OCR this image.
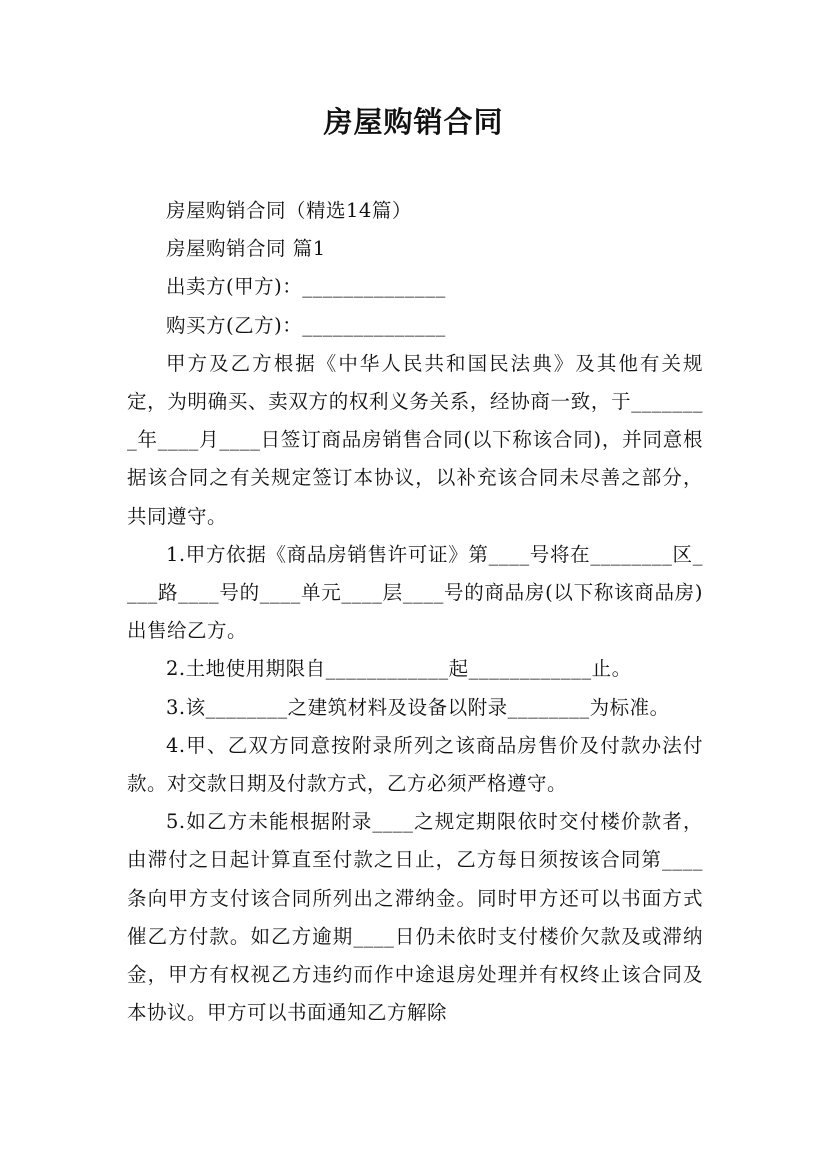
房屋购销合同

房屋购销合同（精选14篇）

房屋购销合同 篇1

出卖方(甲方)：______________

购买方(乙方)：______________

甲方及乙方根据《中华人民共和国民法典》及其他有关规定，为明确买、卖双方的权利义务关系，经协商一致，于________年____月____日签订商品房销售合同(以下称该合同)，并同意根据该合同之有关规定签订本协议，以补充该合同未尽善之部分，共同遵守。

1.甲方依据《商品房销售许可证》第____号将在________区____路____号的____单元____层____号的商品房(以下称该商品房)出售给乙方。

2.土地使用期限自____________起____________止。

3.该________之建筑材料及设备以附录________为标准。

4.甲、乙双方同意按附录所列之该商品房售价及付款办法付款。对交款日期及付款方式，乙方必须严格遵守。

5.如乙方未能根据附录____之规定期限依时交付楼价款者，由滞付之日起计算直至付款之日止，乙方每日须按该合同第____条向甲方支付该合同所列出之滞纳金。同时甲方还可以书面方式催乙方付款。如乙方逾期____日仍未依时支付楼价欠款及或滞纳金，甲方有权视乙方违约而作中途退房处理并有权终止该合同及本协议。甲方可以书面通知乙方解除
